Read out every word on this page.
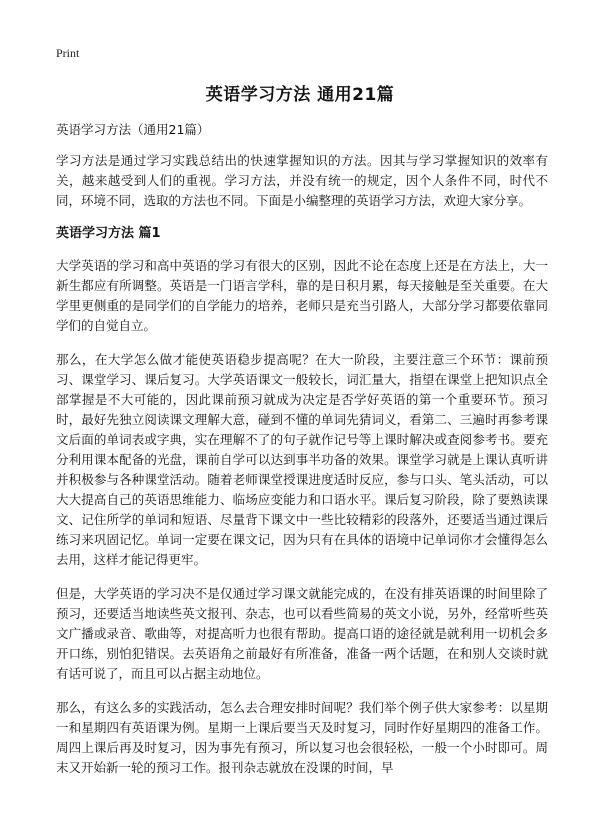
Print
英语学习方法 通用21篇
英语学习方法（通用21篇）

学习方法是通过学习实践总结出的快速掌握知识的方法。因其与学习掌握知识的效率有关，越来越受到人们的重视。学习方法，并没有统一的规定，因个人条件不同，时代不同，环境不同，选取的方法也不同。下面是小编整理的英语学习方法，欢迎大家分享。

英语学习方法 篇1

大学英语的学习和高中英语的学习有很大的区别，因此不论在态度上还是在方法上，大一新生都应有所调整。英语是一门语言学科，靠的是日积月累，每天接触是至关重要。在大学里更侧重的是同学们的自学能力的培养，老师只是充当引路人，大部分学习都要依靠同学们的自觉自立。

那么，在大学怎么做才能使英语稳步提高呢？在大一阶段，主要注意三个环节：课前预习、课堂学习、课后复习。大学英语课文一般较长，词汇量大，指望在课堂上把知识点全部掌握是不大可能的，因此课前预习就成为决定是否学好英语的第一个重要环节。预习时，最好先独立阅读课文理解大意，碰到不懂的单词先猜词义，看第二、三遍时再参考课文后面的单词表或字典，实在理解不了的句子就作记号等上课时解决或查阅参考书。要充分利用课本配备的光盘，课前自学可以达到事半功备的效果。课堂学习就是上课认真听讲并积极参与各种课堂活动。随着老师课堂授课进度适时反应，参与口头、笔头活动，可以大大提高自己的英语思维能力、临场应变能力和口语水平。课后复习阶段，除了要熟读课文、记住所学的单词和短语、尽量背下课文中一些比较精彩的段落外，还要适当通过课后练习来巩固记忆。单词一定要在课文记，因为只有在具体的语境中记单词你才会懂得怎么去用，这样才能记得更牢。

但是，大学英语的学习决不是仅通过学习课文就能完成的，在没有排英语课的时间里除了预习，还要适当地读些英文报刊、杂志，也可以看些简易的英文小说，另外，经常听些英文广播或录音、歌曲等，对提高听力也很有帮助。提高口语的途径就是就利用一切机会多开口练，别怕犯错误。去英语角之前最好有所准备，准备一两个话题，在和别人交谈时就有话可说了，而且可以占据主动地位。

那么，有这么多的实践活动，怎么去合理安排时间呢？我们举个例子供大家参考：以星期一和星期四有英语课为例。星期一上课后要当天及时复习，同时作好星期四的准备工作。周四上课后再及时复习，因为事先有预习，所以复习也会很轻松，一般一个小时即可。周末又开始新一轮的预习工作。报刊杂志就放在没课的时间，早
